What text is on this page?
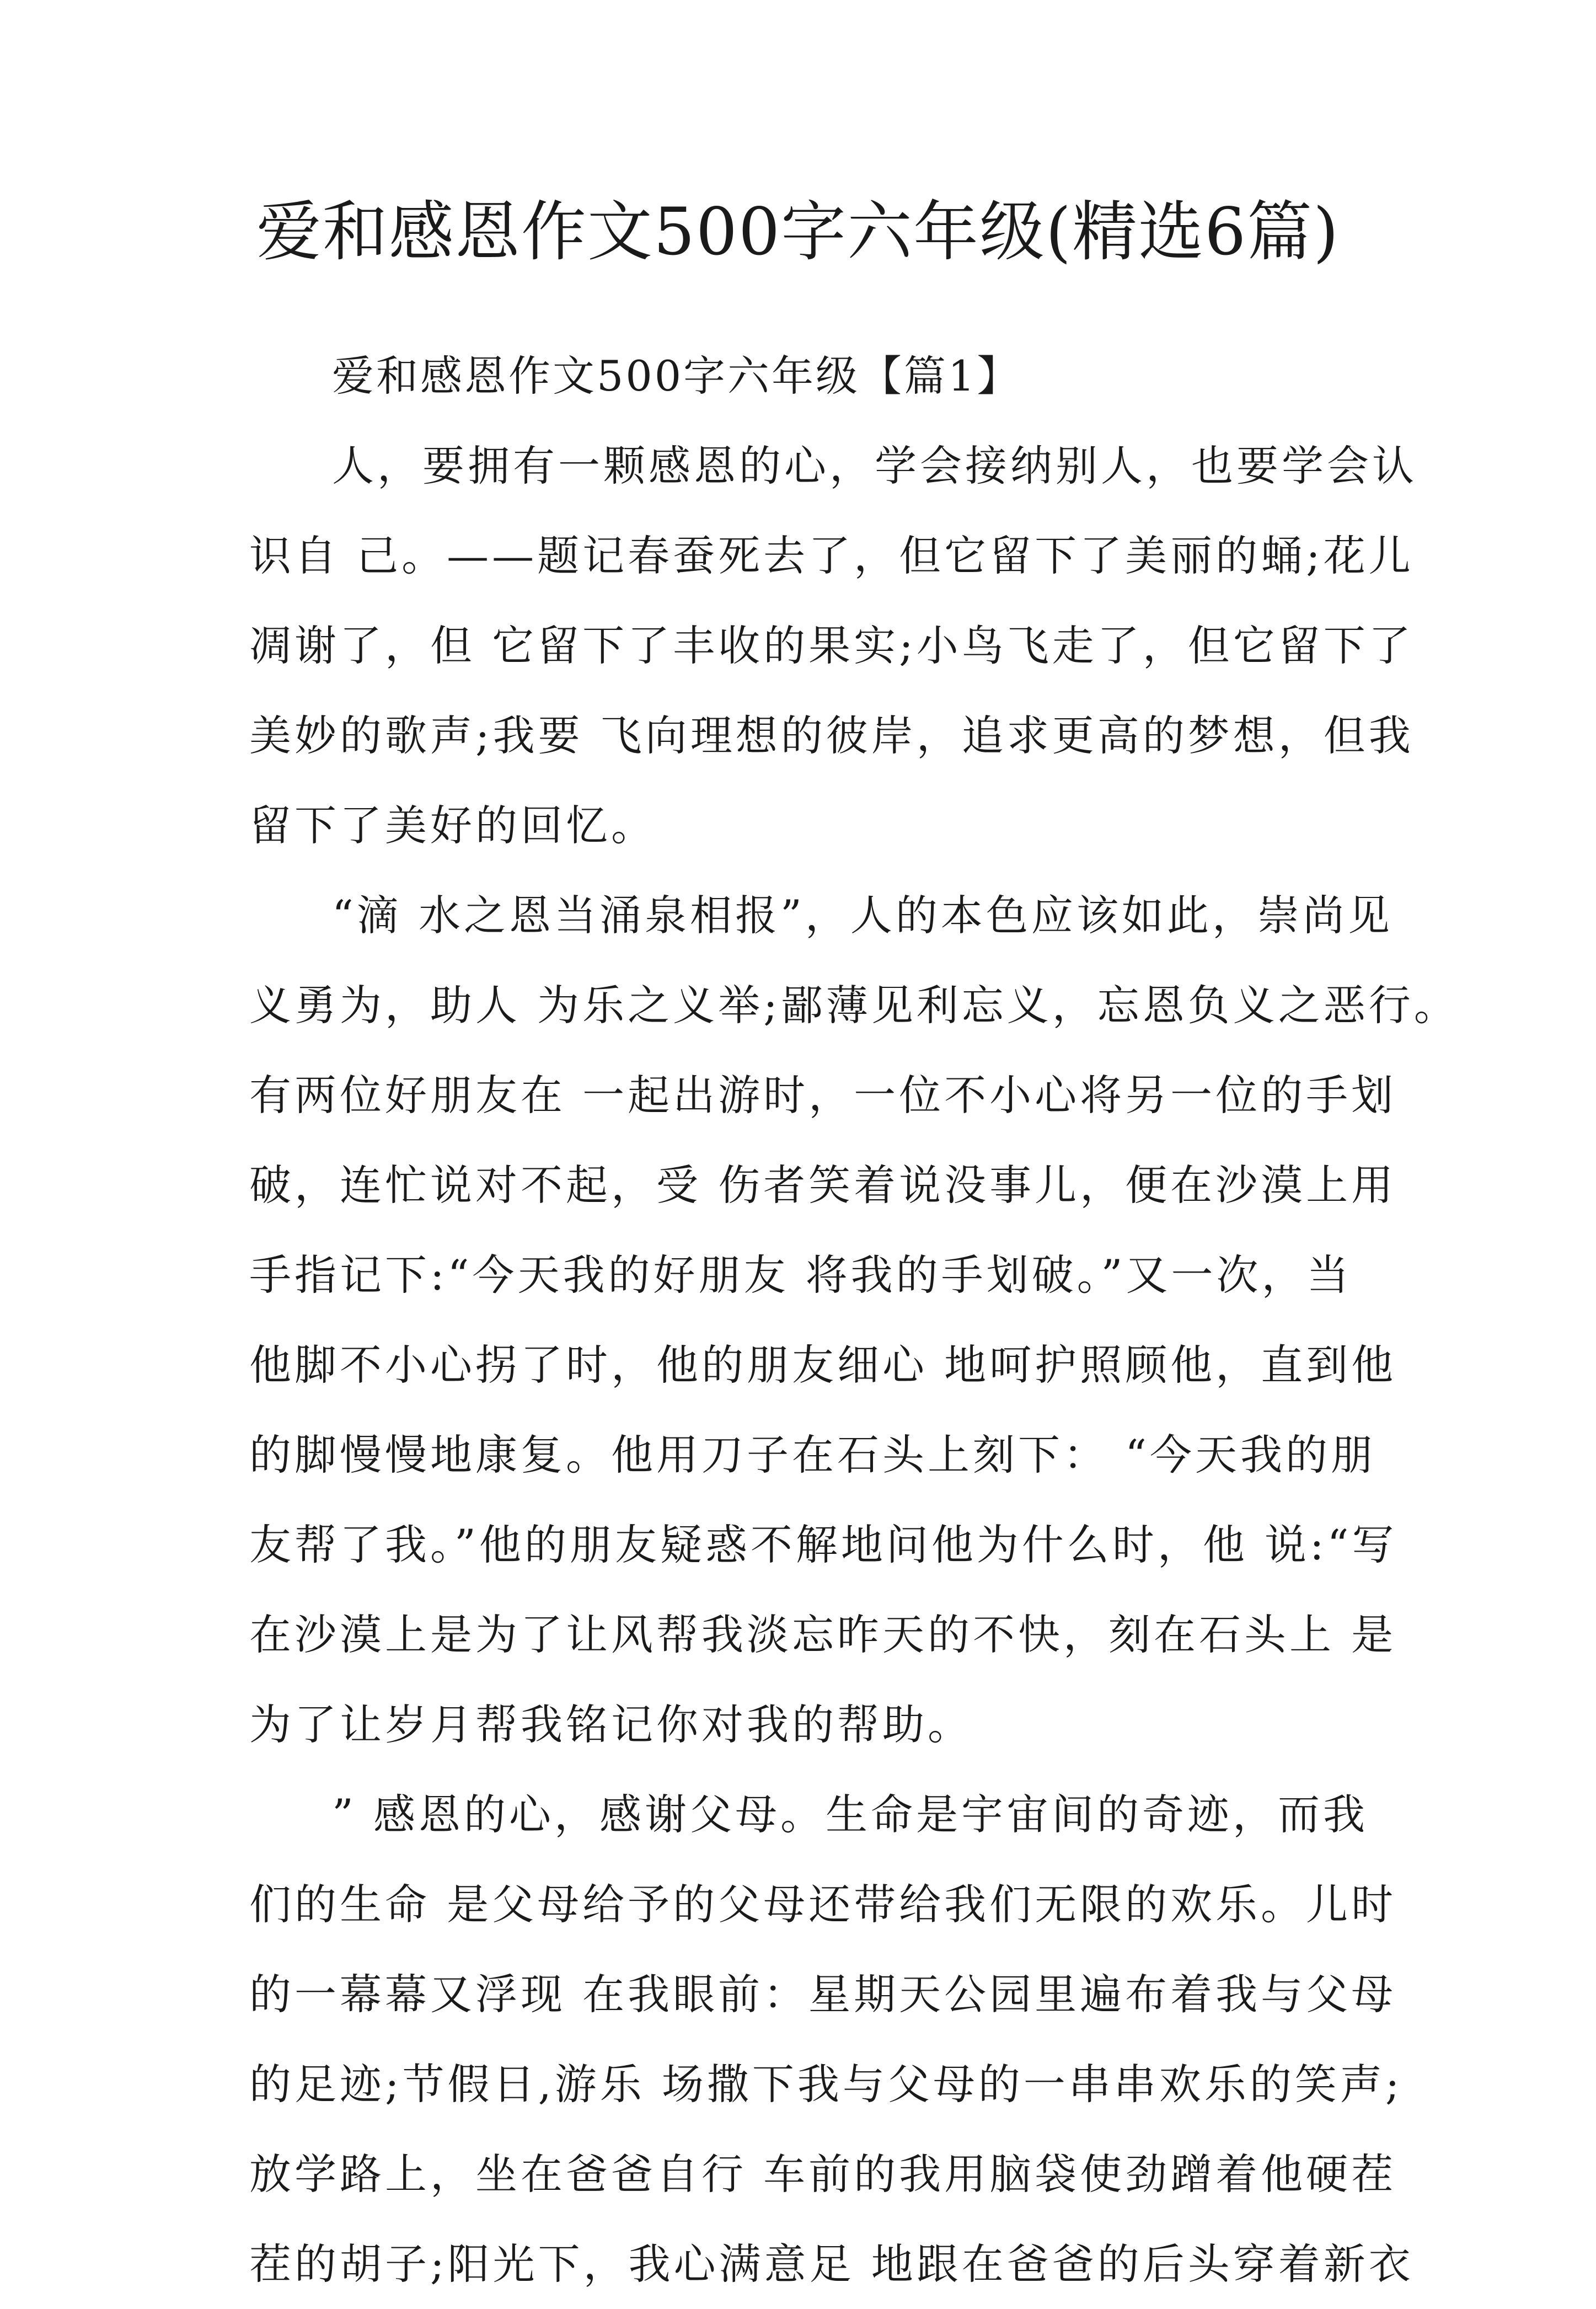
爱和感恩作文500字六年级(精选6篇)

爱和感恩作文500字六年级【篇1】

人，要拥有一颗感恩的心，学会接纳别人，也要学会认

识自 己。——题记春蚕死去了，但它留下了美丽的蛹;花儿

凋谢了，但 它留下了丰收的果实;小鸟飞走了，但它留下了

美妙的歌声;我要 飞向理想的彼岸，追求更高的梦想，但我

留下了美好的回忆。

“滴 水之恩当涌泉相报”，人的本色应该如此，崇尚见

义勇为，助人 为乐之义举;鄙薄见利忘义，忘恩负义之恶行。

有两位好朋友在 一起出游时，一位不小心将另一位的手划

破，连忙说对不起，受 伤者笑着说没事儿，便在沙漠上用

手指记下:“今天我的好朋友 将我的手划破。”又一次，当

他脚不小心拐了时，他的朋友细心 地呵护照顾他，直到他

的脚慢慢地康复。他用刀子在石头上刻下： “今天我的朋

友帮了我。”他的朋友疑惑不解地问他为什么时，他 说:“写

在沙漠上是为了让风帮我淡忘昨天的不快，刻在石头上 是

为了让岁月帮我铭记你对我的帮助。

” 感恩的心，感谢父母。生命是宇宙间的奇迹，而我

们的生命 是父母给予的父母还带给我们无限的欢乐。儿时

的一幕幕又浮现 在我眼前：星期天公园里遍布着我与父母

的足迹;节假日,游乐 场撒下我与父母的一串串欢乐的笑声;

放学路上，坐在爸爸自行 车前的我用脑袋使劲蹭着他硬茬

茬的胡子;阳光下，我心满意足 地跟在爸爸的后头穿着新衣
